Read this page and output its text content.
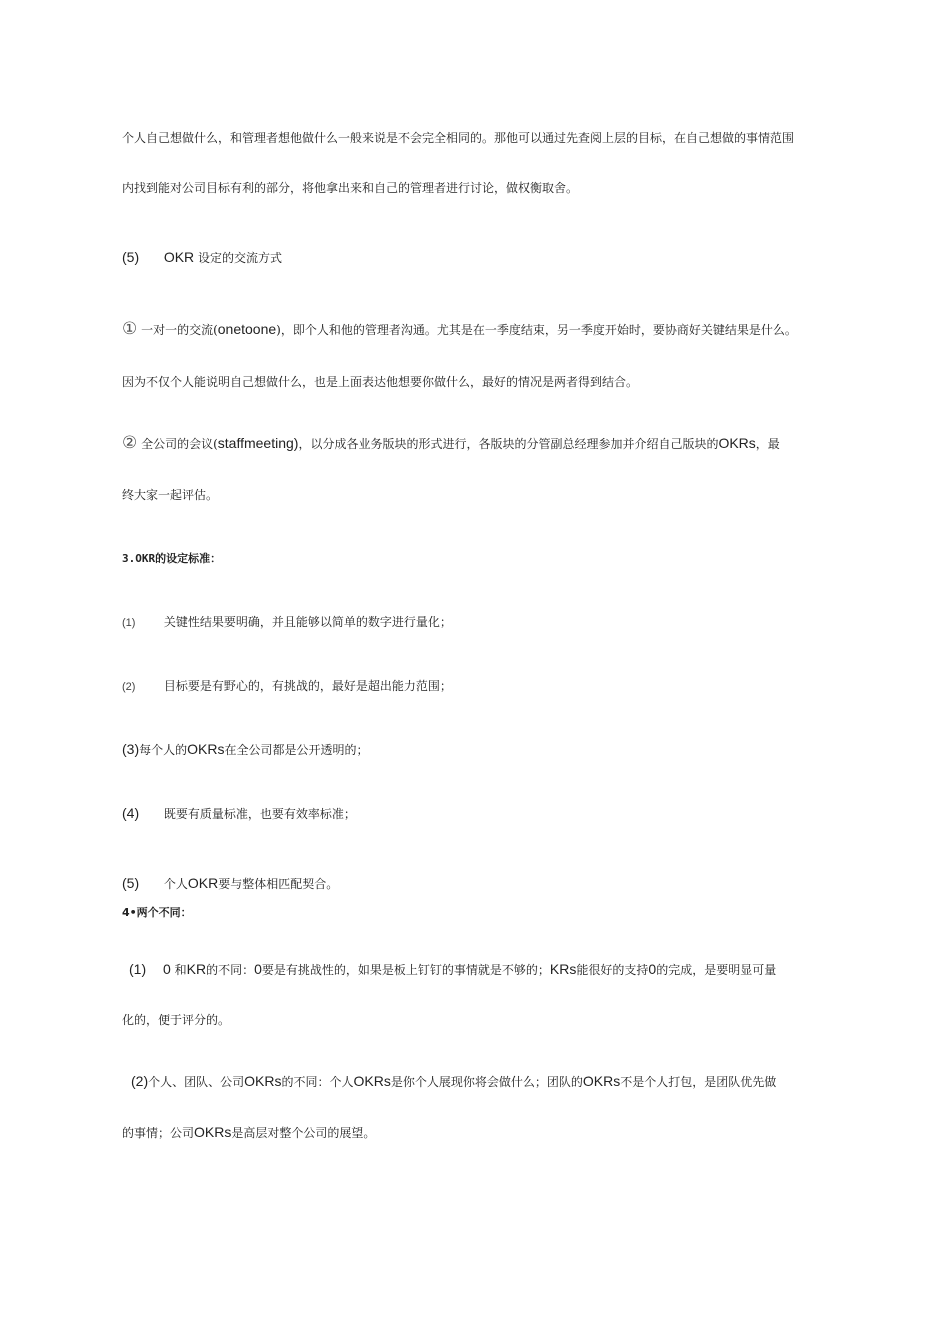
个人自己想做什么，和管理者想他做什么一般来说是不会完全相同的。那他可以通过先查阅上层的目标，在自己想做的事情范围
内找到能对公司目标有利的部分，将他拿出来和自己的管理者进行讨论，做权衡取舍。
(5) OKR 设定的交流方式
① 一对一的交流(onetoone)，即个人和他的管理者沟通。尤其是在一季度结束，另一季度开始时，要协商好关键结果是什么。
因为不仅个人能说明自己想做什么，也是上面表达他想要你做什么，最好的情况是两者得到结合。
② 全公司的会议(staffmeeting)，以分成各业务版块的形式进行，各版块的分管副总经理参加并介绍自己版块的OKRs，最
终大家一起评估。
3.OKR的设定标准：
(1) 关键性结果要明确，并且能够以简单的数字进行量化；
(2) 目标要是有野心的，有挑战的，最好是超出能力范围；
(3)每个人的OKRs在全公司都是公开透明的；
(4) 既要有质量标准，也要有效率标准；
(5) 个人OKR要与整体相匹配契合。
4•两个不同：
(1) 0 和KR的不同：0要是有挑战性的，如果是板上钉钉的事情就是不够的；KRs能很好的支持0的完成，是要明显可量
化的，便于评分的。
(2)个人、团队、公司OKRs的不同：个人OKRs是你个人展现你将会做什么；团队的OKRs不是个人打包，是团队优先做
的事情；公司OKRs是高层对整个公司的展望。
